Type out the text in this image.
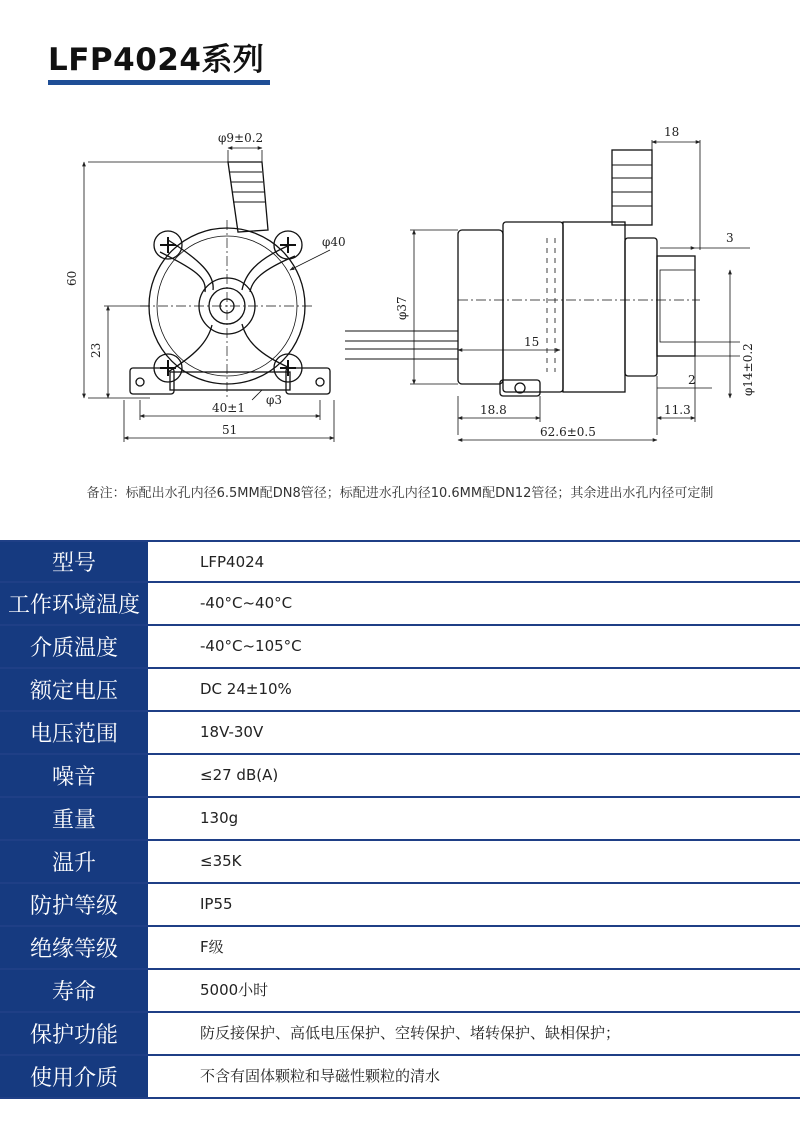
LFP4024系列
φ9±0.2
φ40
60
23
φ3
40±1
51
18
3
φ37
15
φ14±0.2
2
18.8	11.3
62.6±0.5
备注：标配出水孔内径6.5MM配DN8管径；标配进水孔内径10.6MM配DN12管径；其余进出水孔内径可定制
型号	LFP4024
工作环境温度	-40°C~40°C
介质温度	-40°C~105°C
额定电压	DC 24±10%
电压范围	18V-30V
噪音	≤27 dB(A)
重量	130g
温升	≤35K
防护等级	IP55
绝缘等级	F级
寿命	5000小时
保护功能	防反接保护、高低电压保护、空转保护、堵转保护、缺相保护；
使用介质	不含有固体颗粒和导磁性颗粒的清水
